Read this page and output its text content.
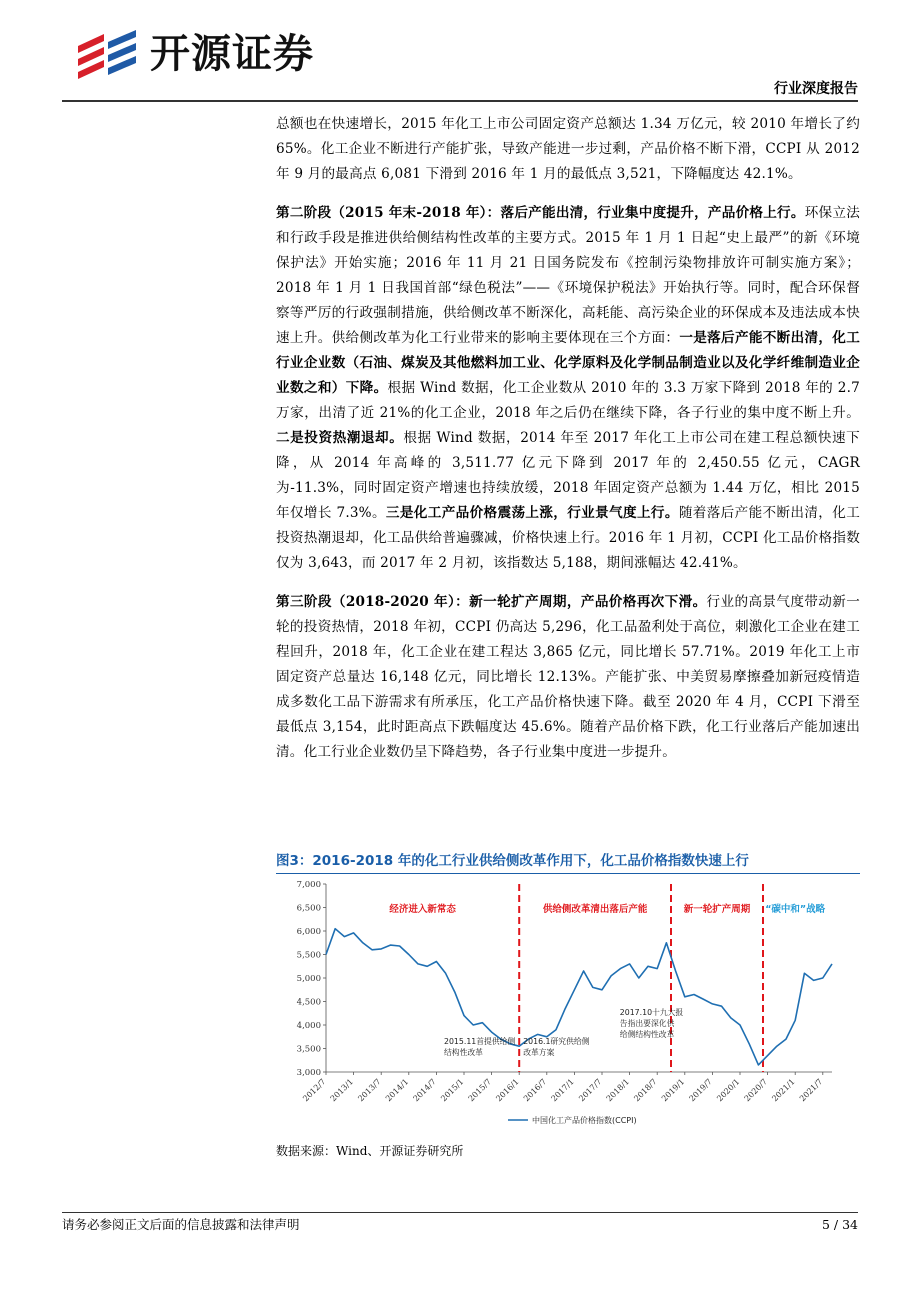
开源证券
行业深度报告

总额也在快速增长，2015 年化工上市公司固定资产总额达 1.34 万亿元，较 2010 年增长了约 65%。化工企业不断进行产能扩张，导致产能进一步过剩，产品价格不断下滑，CCPI 从 2012 年 9 月的最高点 6,081 下滑到 2016 年 1 月的最低点 3,521，下降幅度达 42.1%。

第二阶段（2015 年末-2018 年）：落后产能出清，行业集中度提升，产品价格上行。环保立法和行政手段是推进供给侧结构性改革的主要方式。2015 年 1 月 1 日起“史上最严”的新《环境保护法》开始实施；2016 年 11 月 21 日国务院发布《控制污染物排放许可制实施方案》；2018 年 1 月 1 日我国首部“绿色税法”——《环境保护税法》开始执行等。同时，配合环保督察等严厉的行政强制措施，供给侧改革不断深化，高耗能、高污染企业的环保成本及违法成本快速上升。供给侧改革为化工行业带来的影响主要体现在三个方面：一是落后产能不断出清，化工行业企业数（石油、煤炭及其他燃料加工业、化学原料及化学制品制造业以及化学纤维制造业企业数之和）下降。根据 Wind 数据，化工企业数从 2010 年的 3.3 万家下降到 2018 年的 2.7 万家，出清了近 21%的化工企业，2018 年之后仍在继续下降，各子行业的集中度不断上升。二是投资热潮退却。根据 Wind 数据，2014 年至 2017 年化工上市公司在建工程总额快速下降，从 2014 年高峰的 3,511.77 亿元下降到 2017 年的 2,450.55 亿元，CAGR 为-11.3%，同时固定资产增速也持续放缓，2018 年固定资产总额为 1.44 万亿，相比 2015 年仅增长 7.3%。三是化工产品价格震荡上涨，行业景气度上行。随着落后产能不断出清，化工投资热潮退却，化工品供给普遍骤减，价格快速上行。2016 年 1 月初，CCPI 化工品价格指数仅为 3,643，而 2017 年 2 月初，该指数达 5,188，期间涨幅达 42.41%。

第三阶段（2018-2020 年）：新一轮扩产周期，产品价格再次下滑。行业的高景气度带动新一轮的投资热情，2018 年初，CCPI 仍高达 5,296，化工品盈利处于高位，刺激化工企业在建工程回升，2018 年，化工企业在建工程达 3,865 亿元，同比增长 57.71%。2019 年化工上市固定资产总量达 16,148 亿元，同比增长 12.13%。产能扩张、中美贸易摩擦叠加新冠疫情造成多数化工品下游需求有所承压，化工产品价格快速下降。截至 2020 年 4 月，CCPI 下滑至最低点 3,154，此时距高点下跌幅度达 45.6%。随着产品价格下跌，化工行业落后产能加速出清。化工行业企业数仍呈下降趋势，各子行业集中度进一步提升。

图3：2016-2018 年的化工行业供给侧改革作用下，化工品价格指数快速上行
7,000
6,500
6,000
5,500
5,000
4,500
4,000
3,500
3,000
2012/7 2013/1 2013/7 2014/1 2014/7 2015/1 2015/7 2016/1 2016/7 2017/1 2017/7 2018/1 2018/7 2019/1 2019/7 2020/1 2020/7 2021/1 2021/7
经济进入新常态	供给侧改革清出落后产能	新一轮扩产周期 “碳中和”战略
2015.11首提供给侧
结构性改革
2016.1研究供给侧
改革方案
2017.10十九大报
告指出要深化供
给侧结构性改革
中国化工产品价格指数(CCPI)
数据来源：Wind、开源证券研究所
请务必参阅正文后面的信息披露和法律声明	5 / 34
